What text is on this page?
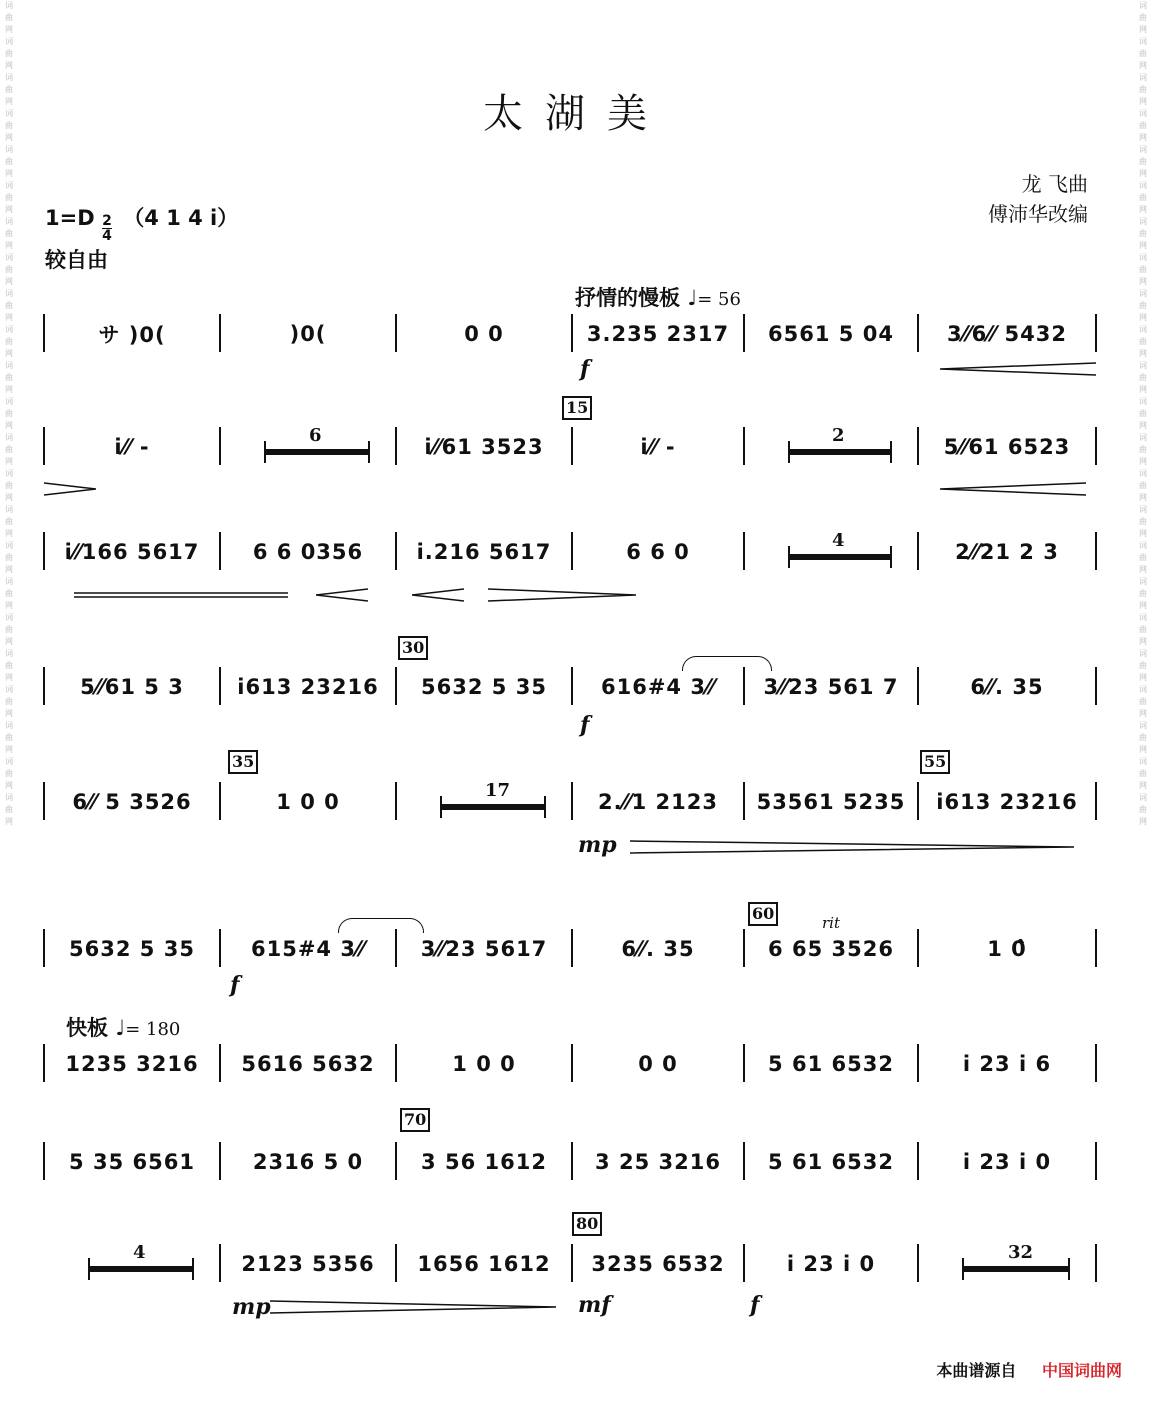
词曲网词曲网词曲网词曲网词曲网词曲网词曲网词曲网词曲网词曲网词曲网词曲网词曲网词曲网词曲网词曲网词曲网词曲网词曲网词曲网词曲网词曲网词曲网
词曲网词曲网词曲网词曲网词曲网词曲网词曲网词曲网词曲网词曲网词曲网词曲网词曲网词曲网词曲网词曲网词曲网词曲网词曲网词曲网词曲网词曲网词曲网
太湖美
龙 飞曲
傅沛华改编
$1=D \frac{2}{4} (4$ 1 4 i）
较自由
抒情的慢板 ♩= 56
快板 ♩= 180
サ )0(	)0(	0 0	3.235 2317	6561 5 04	3⁄⁄6⁄⁄ 5432
i⁄⁄ -	6	i⁄⁄61 3523	i⁄⁄ -	2	5⁄⁄61 6523
i⁄⁄166 5617	6 6 0356	i.216 5617	6 6 0	4	2⁄⁄21 2 3
5⁄⁄61 5 3	i613 23216	5632 5 35	616#4 3⁄⁄	3⁄⁄23 561 7	6⁄⁄. 35
6⁄⁄ 5 3526	1 0 0	17	2.⁄⁄1 2123	53561 5235	i613 23216
5632 5 35	615#4 3⁄⁄	3⁄⁄23 5617	6⁄⁄. 35	6 65 3526	1 0̂
1235 3216	5616 5632	1 0 0	0 0	5 61 6532	i 23 i 6
5 35 6561	2316 5 0	3 56 1612	3 25 3216	5 61 6532	i 23 i 0
4	2123 5356	1656 1612	3235 6532	i 23 i 0	32
15
30
35	55
60
70
80
f
f
f
mp
mp	mf	f
rit
本曲谱源自 中国词曲网
